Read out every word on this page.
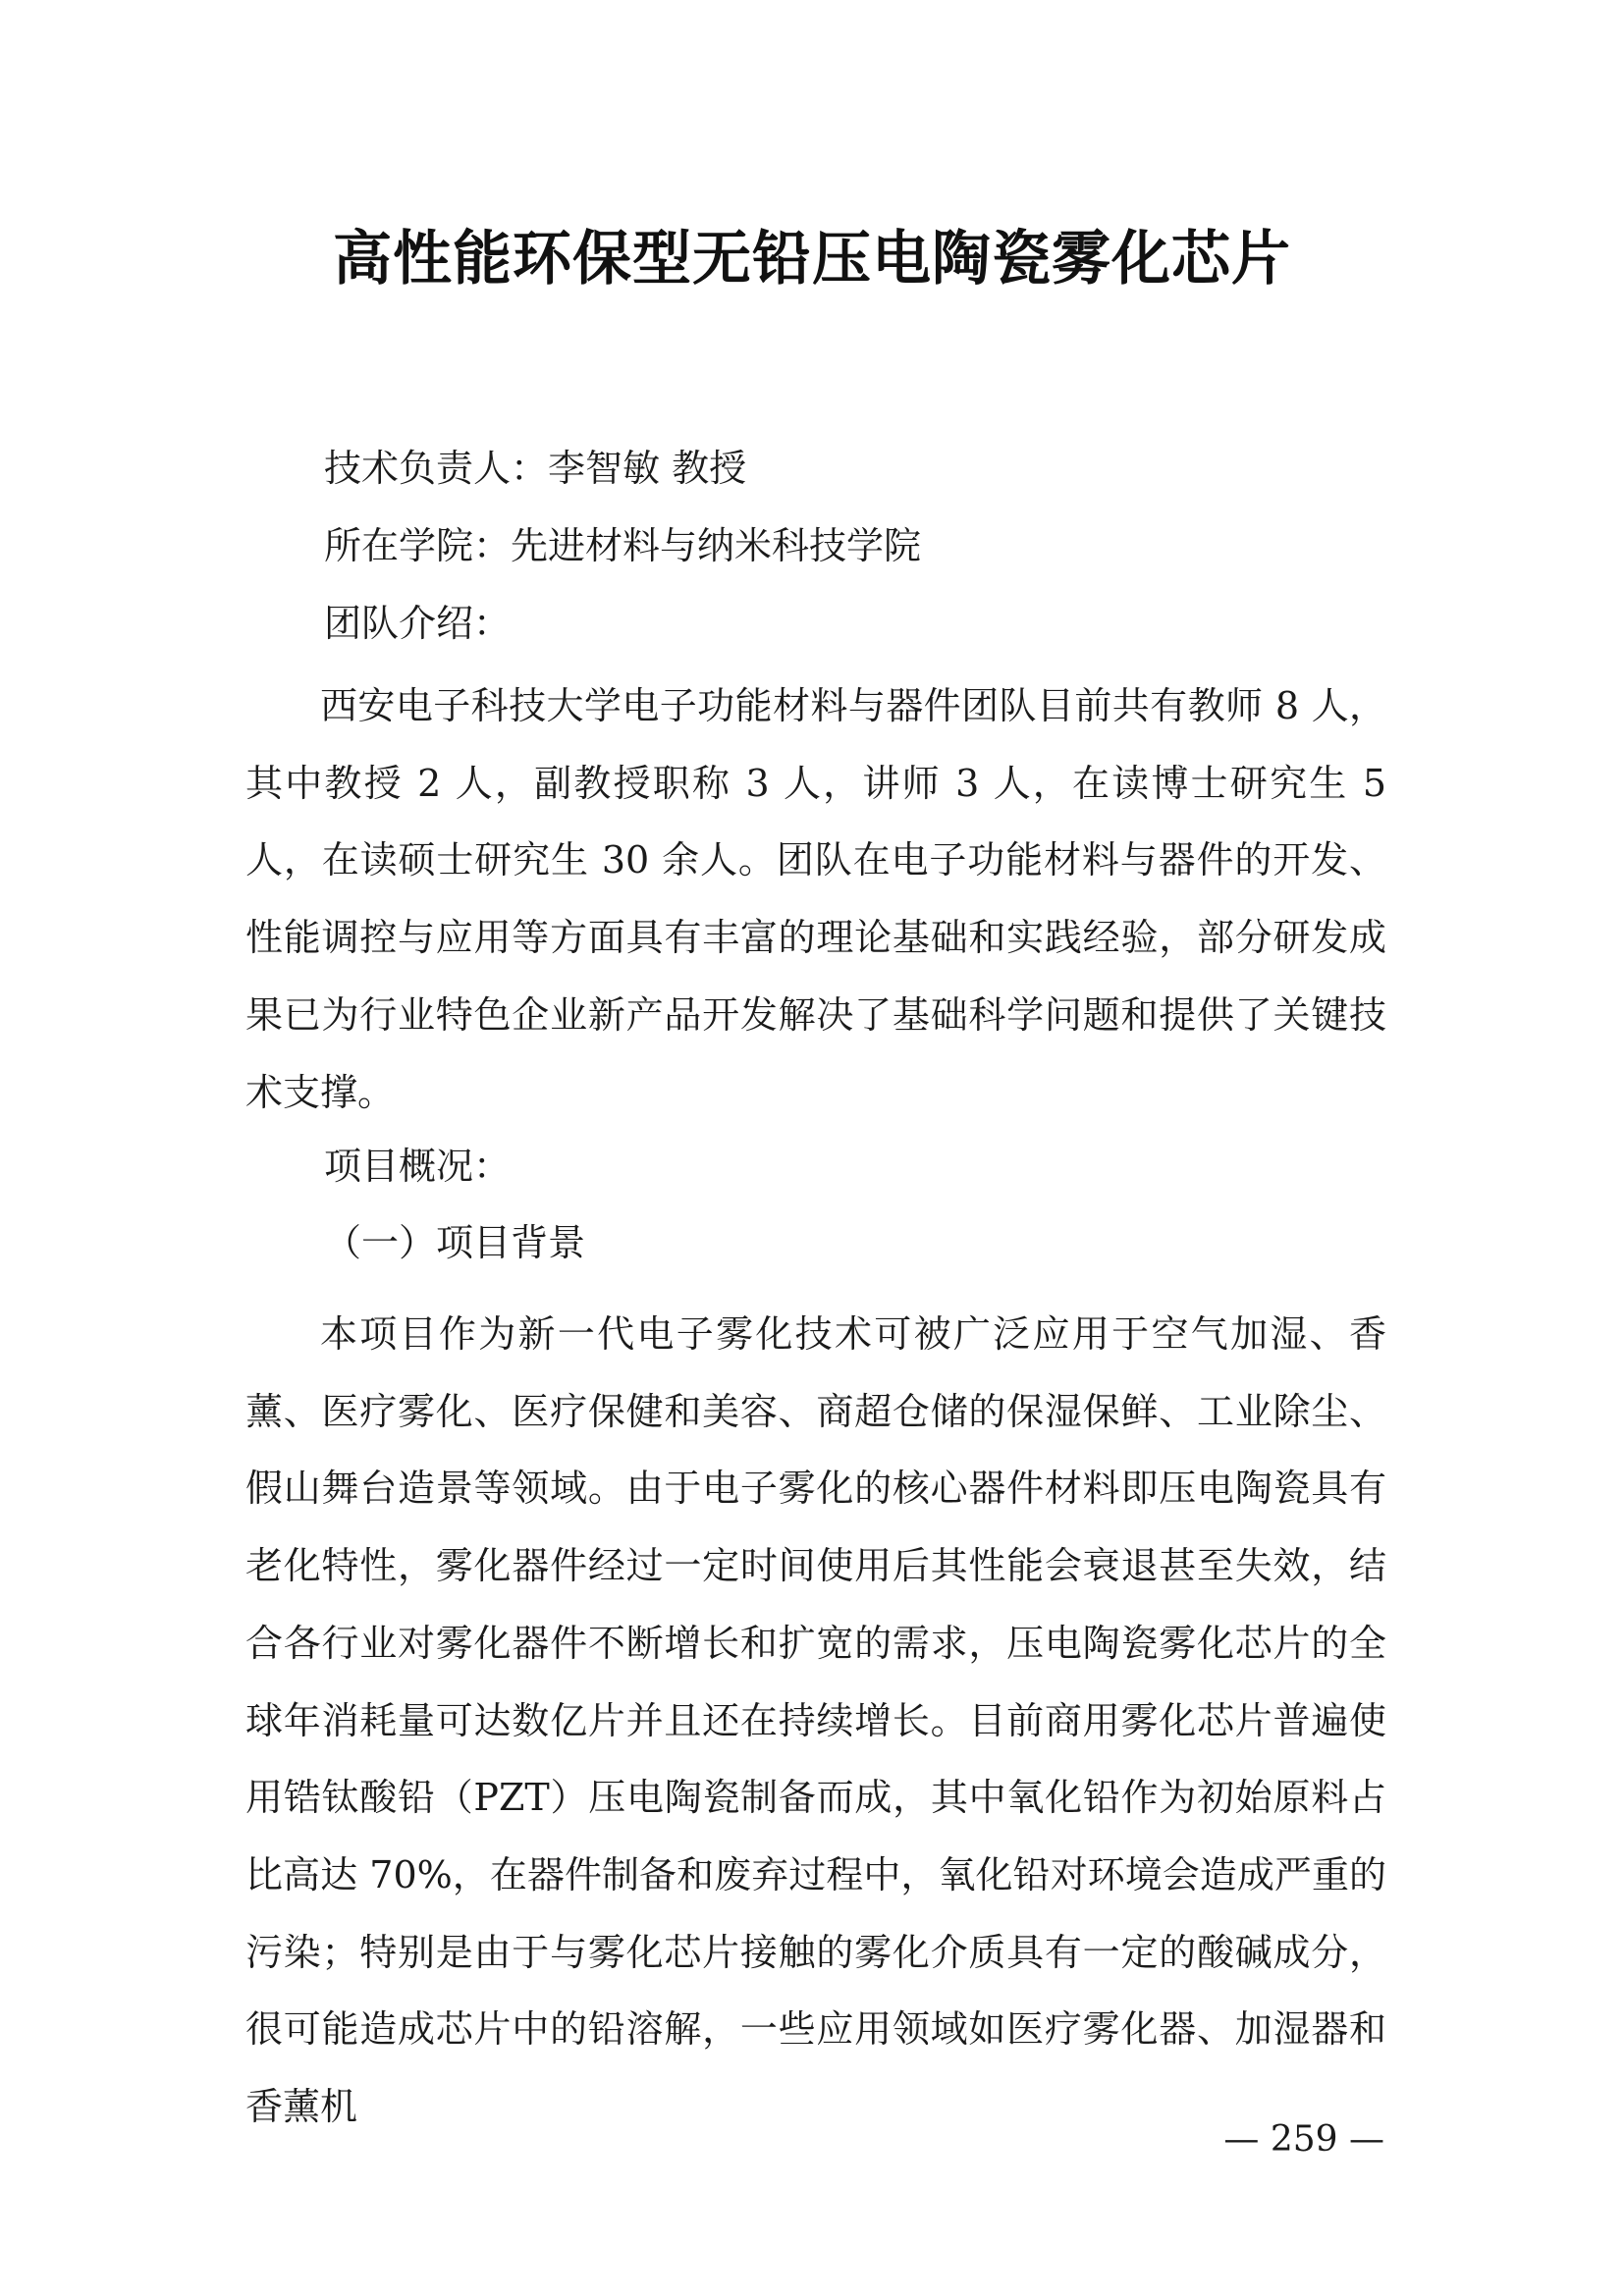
高性能环保型无铅压电陶瓷雾化芯片
技术负责人：李智敏 教授
所在学院：先进材料与纳米科技学院
团队介绍：

西安电子科技大学电子功能材料与器件团队目前共有教师 8 人，其中教授 2 人，副教授职称 3 人，讲师 3 人，在读博士研究生 5 人，在读硕士研究生 30 余人。团队在电子功能材料与器件的开发、性能调控与应用等方面具有丰富的理论基础和实践经验，部分研发成果已为行业特色企业新产品开发解决了基础科学问题和提供了关键技术支撑。

项目概况：
（一）项目背景

本项目作为新一代电子雾化技术可被广泛应用于空气加湿、香薰、医疗雾化、医疗保健和美容、商超仓储的保湿保鲜、工业除尘、假山舞台造景等领域。由于电子雾化的核心器件材料即压电陶瓷具有老化特性，雾化器件经过一定时间使用后其性能会衰退甚至失效，结合各行业对雾化器件不断增长和扩宽的需求，压电陶瓷雾化芯片的全球年消耗量可达数亿片并且还在持续增长。目前商用雾化芯片普遍使用锆钛酸铅（PZT）压电陶瓷制备而成，其中氧化铅作为初始原料占比高达 70%，在器件制备和废弃过程中，氧化铅对环境会造成严重的污染；特别是由于与雾化芯片接触的雾化介质具有一定的酸碱成分，很可能造成芯片中的铅溶解，一些应用领域如医疗雾化器、加湿器和香薰机

— 259 —
